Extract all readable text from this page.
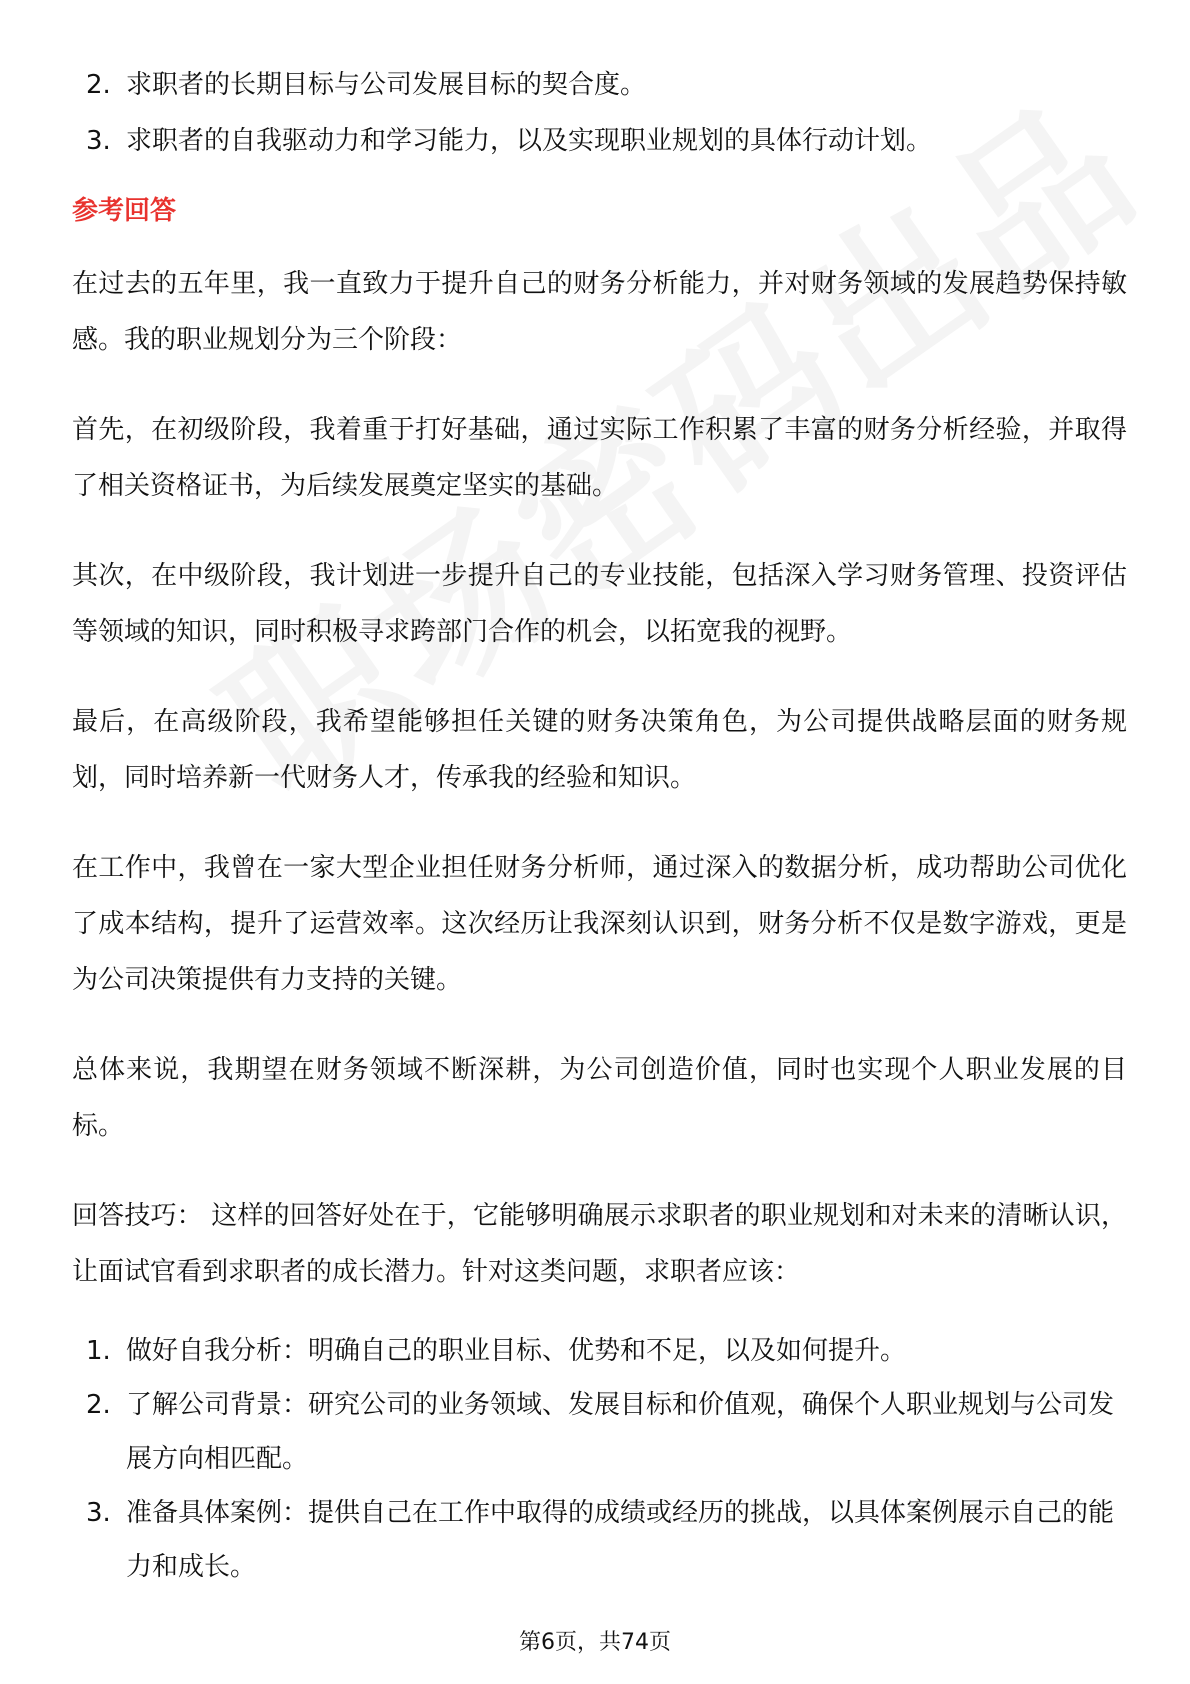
2. 求职者的长期目标与公司发展目标的契合度。
3. 求职者的自我驱动力和学习能力，以及实现职业规划的具体行动计划。
参考回答

在过去的五年里，我一直致力于提升自己的财务分析能力，并对财务领域的发展趋势保持敏感。我的职业规划分为三个阶段：

首先，在初级阶段，我着重于打好基础，通过实际工作积累了丰富的财务分析经验，并取得了相关资格证书，为后续发展奠定坚实的基础。

其次，在中级阶段，我计划进一步提升自己的专业技能，包括深入学习财务管理、投资评估等领域的知识，同时积极寻求跨部门合作的机会，以拓宽我的视野。

最后，在高级阶段，我希望能够担任关键的财务决策角色，为公司提供战略层面的财务规划，同时培养新一代财务人才，传承我的经验和知识。

在工作中，我曾在一家大型企业担任财务分析师，通过深入的数据分析，成功帮助公司优化了成本结构，提升了运营效率。这次经历让我深刻认识到，财务分析不仅是数字游戏，更是为公司决策提供有力支持的关键。

总体来说，我期望在财务领域不断深耕，为公司创造价值，同时也实现个人职业发展的目标。

回答技巧： 这样的回答好处在于，它能够明确展示求职者的职业规划和对未来的清晰认识，让面试官看到求职者的成长潜力。针对这类问题，求职者应该：

1. 做好自我分析：明确自己的职业目标、优势和不足，以及如何提升。
2. 了解公司背景：研究公司的业务领域、发展目标和价值观，确保个人职业规划与公司发展方向相匹配。
3. 准备具体案例：提供自己在工作中取得的成绩或经历的挑战，以具体案例展示自己的能力和成长。
第6页，共74页
